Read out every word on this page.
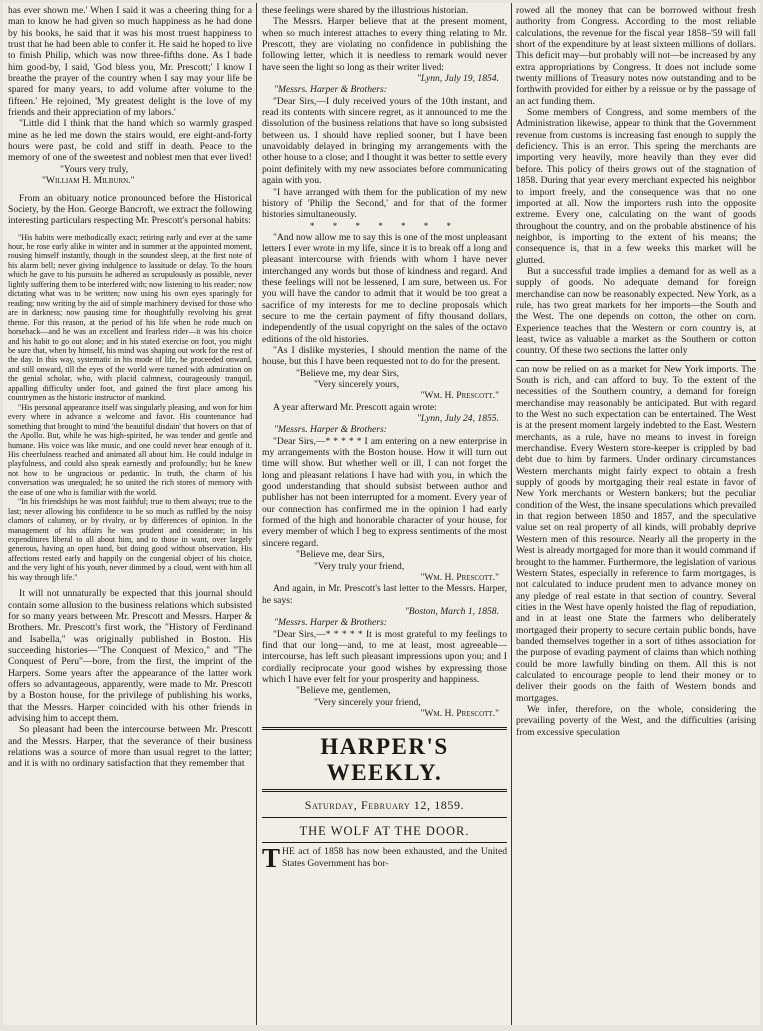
has ever shown me.' When I said it was a cheering thing for a man to know he had given so much happiness as he had done by his books, he said that it was his most truest happiness to trust that he had been able to confer it. He said he hoped to live to finish Philip, which was now three-fifths done. As I bade him good-by, I said, 'God bless you, Mr. Prescott;' I know I breathe the prayer of the country when I say may your life be spared for many years, to add volume after volume to the fifteen.' He rejoined, 'My greatest delight is the love of my friends and their appreciation of my labors.'

"Little did I think that the hand which so warmly grasped mine as he led me down the stairs would, ere eight-and-forty hours were past, be cold and stiff in death. Peace to the memory of one of the sweetest and noblest men that ever lived!

"Yours very truly,

"William H. Milburn."

From an obituary notice pronounced before the Historical Society, by the Hon. George Bancroft, we extract the following interesting particulars respecting Mr. Prescott's personal habits:

"His habits were methodically exact; retiring early and ever at the same hour, he rose early alike in winter and in summer at the appointed moment, rousing himself instantly, though in the soundest sleep, at the first note of his alarm bell; never giving indulgence to lassitude or delay. To the hours which he gave to his pursuits he adhered as scrupulously as possible, never lightly suffering them to be interfered with; now listening to his reader; now dictating what was to be written; now using his own eyes sparingly for reading; now writing by the aid of simple machinery devised for those who are in darkness; now pausing time for thoughtfully revolving his great theme. For this reason, at the period of his life when he rode much on horseback—and he was an excellent and fearless rider—it was his choice and his habit to go out alone; and in his stated exercise on foot, you might be sure that, when by himself, his mind was shaping out work for the rest of the day. In this way, systematic in his mode of life, he proceeded onward, and still onward, till the eyes of the world were turned with admiration on the genial scholar, who, with placid calmness, courageously tranquil, appalling difficulty under foot, and gained the first place among his countrymen as the historic instructor of mankind.

"His personal appearance itself was singularly pleasing, and won for him every where in advance a welcome and favor. His countenance had something that brought to mind 'the beautiful disdain' that hovers on that of the Apollo. But, while he was high-spirited, he was tender and gentle and humane. His voice was like music, and one could never hear enough of it. His cheerfulness reached and animated all about him. He could indulge in playfulness, and could also speak earnestly and profoundly; but he knew not how to be ungracious or pedantic. In truth, the charm of his conversation was unequaled; he so united the rich stores of memory with the ease of one who is familiar with the world.

"In his friendships he was most faithful; true to them always; true to the last; never allowing his confidence to be so much as ruffled by the noisy clamors of calumny, or by rivalry, or by differences of opinion. In the management of his affairs he was prudent and considerate; in his expenditures liberal to all about him, and to those in want, over largely generous, having an open hand, but doing good without observation. His affections rested early and happily on the congenial object of his choice, and the very light of his youth, never dimmed by a cloud, went with him all his way through life."

It will not unnaturally be expected that this journal should contain some allusion to the business relations which subsisted for so many years between Mr. Prescott and Messrs. Harper & Brothers. Mr. Prescott's first work, the "History of Ferdinand and Isabella," was originally published in Boston. His succeeding histories—"The Conquest of Mexico," and "The Conquest of Peru"—bore, from the first, the imprint of the Harpers. Some years after the appearance of the latter work offers so advantageous, apparently, were made to Mr. Prescott by a Boston house, for the privilege of publishing his works, that the Messrs. Harper coincided with his other friends in advising him to accept them.

So pleasant had been the intercourse between Mr. Prescott and the Messrs. Harper, that the severance of their business relations was a source of more than usual regret to the latter; and it is with no ordinary satisfaction that they remember that

these feelings were shared by the illustrious historian.

The Messrs. Harper believe that at the present moment, when so much interest attaches to every thing relating to Mr. Prescott, they are violating no confidence in publishing the following letter, which it is needless to remark would never have seen the light so long as their writer lived:

"Lynn, July 19, 1854.

"Messrs. Harper & Brothers:

"Dear Sirs,—I duly received yours of the 10th instant, and read its contents with sincere regret, as it announced to me the dissolution of the business relations that have so long subsisted between us. I should have replied sooner, but I have been unavoidably delayed in bringing my arrangements with the other house to a close; and I thought it was better to settle every point definitely with my new associates before communicating again with you.

"I have arranged with them for the publication of my new history of 'Philip the Second,' and for that of the former histories simultaneously.

* * * * * * *

"And now allow me to say this is one of the most unpleasant letters I ever wrote in my life, since it is to break off a long and pleasant intercourse with friends with whom I have never interchanged any words but those of kindness and regard. And these feelings will not be lessened, I am sure, between us. For you will have the candor to admit that it would be too great a sacrifice of my interests for me to decline proposals which secure to me the certain payment of fifty thousand dollars, independently of the usual copyright on the sales of the octavo editions of the old histories.

"As I dislike mysteries, I should mention the name of the house, but this I have been requested not to do for the present.

"Believe me, my dear Sirs,

"Very sincerely yours,

"Wm. H. Prescott."

A year afterward Mr. Prescott again wrote:

"Lynn, July 24, 1855.

"Messrs. Harper & Brothers:

"Dear Sirs,—* * * * * I am entering on a new enterprise in my arrangements with the Boston house. How it will turn out time will show. But whether well or ill, I can not forget the long and pleasant relations I have had with you, in which the good understanding that should subsist between author and publisher has not been interrupted for a moment. Every year of our connection has confirmed me in the opinion I had early formed of the high and honorable character of your house, for every member of which I beg to express sentiments of the most sincere regard.

"Believe me, dear Sirs,

"Very truly your friend,

"Wm. H. Prescott."

And again, in Mr. Prescott's last letter to the Messrs. Harper, he says:

"Boston, March 1, 1858.

"Messrs. Harper & Brothers:

"Dear Sirs,—* * * * * It is most grateful to my feelings to find that our long—and, to me at least, most agreeable—intercourse, has left such pleasant impressions upon you; and I cordially reciprocate your good wishes by expressing those which I have ever felt for your prosperity and happiness.

"Believe me, gentlemen,

"Very sincerely your friend,

"Wm. H. Prescott."

HARPER'S WEEKLY.
Saturday, February 12, 1859.
THE WOLF AT THE DOOR.

THE act of 1858 has now been exhausted, and the United States Government has bor-

rowed all the money that can be borrowed without fresh authority from Congress. According to the most reliable calculations, the revenue for the fiscal year 1858–'59 will fall short of the expenditure by at least sixteen millions of dollars. This deficit may—but probably will not—be increased by any extra appropriations by Congress. It does not include some twenty millions of Treasury notes now outstanding and to be forthwith provided for either by a reissue or by the passage of an act funding them.

Some members of Congress, and some members of the Administration likewise, appear to think that the Government revenue from customs is increasing fast enough to supply the deficiency. This is an error. This spring the merchants are importing very heavily, more heavily than they ever did before. This policy of theirs grows out of the stagnation of 1858. During that year every merchant expected his neighbor to import freely, and the consequence was that no one imported at all. Now the importers rush into the opposite extreme. Every one, calculating on the want of goods throughout the country, and on the probable abstinence of his neighbor, is importing to the extent of his means; the consequence is, that in a few weeks this market will be glutted.

But a successful trade implies a demand for as well as a supply of goods. No adequate demand for foreign merchandise can now be reasonably expected. New York, as a rule, has two great markets for her imports—the South and the West. The one depends on cotton, the other on corn. Experience teaches that the Western or corn country is, at least, twice as valuable a market as the Southern or cotton country. Of these two sections the latter only

can now be relied on as a market for New York imports. The South is rich, and can afford to buy. To the extent of the necessities of the Southern country, a demand for foreign merchandise may reasonably be anticipated. But with regard to the West no such expectation can be entertained. The West is at the present moment largely indebted to the East. Western merchants, as a rule, have no means to invest in foreign merchandise. Every Western store-keeper is crippled by bad debt due to him by farmers. Under ordinary circumstances Western merchants might fairly expect to obtain a fresh supply of goods by mortgaging their real estate in favor of New York merchants or Western bankers; but the peculiar condition of the West, the insane speculations which prevailed in that region between 1850 and 1857, and the speculative value set on real property of all kinds, will probably deprive Western men of this resource. Nearly all the property in the West is already mortgaged for more than it would command if brought to the hammer. Furthermore, the legislation of various Western States, especially in reference to farm mortgages, is not calculated to induce prudent men to advance money on any pledge of real estate in that section of country. Several cities in the West have openly hoisted the flag of repudiation, and in at least one State the farmers who deliberately mortgaged their property to secure certain public bonds, have banded themselves together in a sort of tithes association for the purpose of evading payment of claims than which nothing could be more lawfully binding on them. All this is not calculated to encourage people to lend their money or to deliver their goods on the faith of Western bonds and mortgages.

We infer, therefore, on the whole, considering the prevailing poverty of the West, and the difficulties (arising from excessive speculation
